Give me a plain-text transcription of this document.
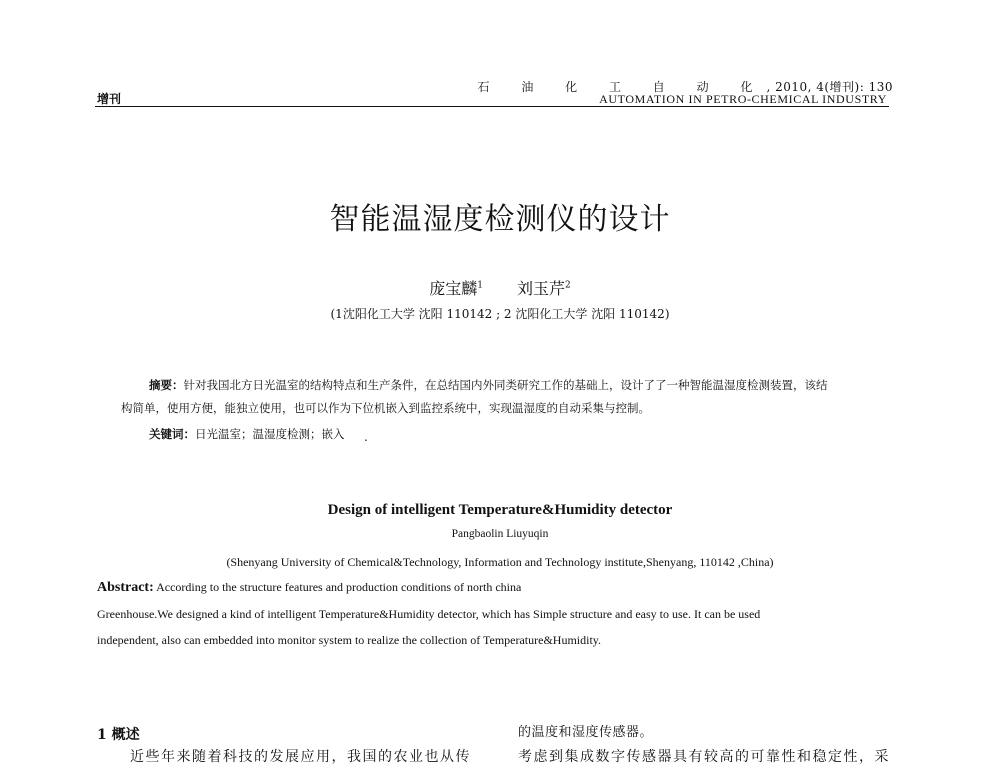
石 油 化 工 自 动 化, 2010, 4(增刊): 130
AUTOMATION IN PETRO-CHEMICAL INDUSTRY
增刊
智能温湿度检测仪的设计
庞宝麟$^1$ 刘玉芹$^2$
(1沈阳化工大学 沈阳 110142 ; 2 沈阳化工大学 沈阳 110142)
摘要：针对我国北方日光温室的结构特点和生产条件，在总结国内外同类研究工作的基础上，设计了了一种智能温湿度检测装置，该结
构简单，使用方便，能独立使用，也可以作为下位机嵌入到监控系统中，实现温湿度的自动采集与控制。
关键词：日光温室；温湿度检测；嵌入 .
Design of intelligent Temperature&Humidity detector
Pangbaolin Liuyuqin
(Shenyang University of Chemical&Technology, Information and Technology institute,Shenyang, 110142 ,China)
Abstract: According to the structure features and production conditions of north china
Greenhouse.We designed a kind of intelligent Temperature&Humidity detector, which has Simple structure and easy to use. It can be used
independent, also can embedded into monitor system to realize the collection of Temperature&Humidity.
1 概述
近些年来随着科技的发展应用，我国的农业也从传
的温度和湿度传感器。
考虑到集成数字传感器具有较高的可靠性和稳定性，采
